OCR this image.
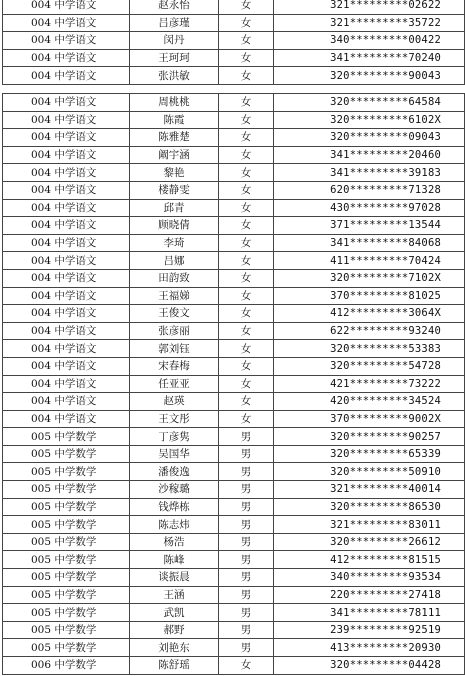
004 中学语文	赵永怡	女	321*********02622
004 中学语文	吕彦瑾	女	321*********35722
004 中学语文	闵丹	女	340*********00422
004 中学语文	王珂珂	女	341*********70240
004 中学语文	张洪敏	女	320*********90043
004 中学语文	周桃桃	女	320*********64584
004 中学语文	陈霞	女	320*********6102X
004 中学语文	陈雅楚	女	320*********09043
004 中学语文	阚宇涵	女	341*********20460
004 中学语文	黎艳	女	341*********39183
004 中学语文	楼静雯	女	620*********71328
004 中学语文	邱青	女	430*********97028
004 中学语文	顾晓倩	女	371*********13544
004 中学语文	李琦	女	341*********84068
004 中学语文	吕娜	女	411*********70424
004 中学语文	田韵致	女	320*********7102X
004 中学语文	王福娣	女	370*********81025
004 中学语文	王俊文	女	412*********3064X
004 中学语文	张彦丽	女	622*********93240
004 中学语文	郭刘钰	女	320*********53383
004 中学语文	宋春梅	女	320*********54728
004 中学语文	任亚亚	女	421*********73222
004 中学语文	赵瑛	女	420*********34524
004 中学语文	王文彤	女	370*********9002X
005 中学数学	丁彦隽	男	320*********90257
005 中学数学	吴国华	男	320*********65339
005 中学数学	潘俊逸	男	320*********50910
005 中学数学	沙稼璐	男	321*********40014
005 中学数学	钱烨栋	男	320*********86530
005 中学数学	陈志炜	男	321*********83011
005 中学数学	杨浩	男	320*********26612
005 中学数学	陈峰	男	412*********81515
005 中学数学	谈振晨	男	340*********93534
005 中学数学	王涵	男	220*********27418
005 中学数学	武凯	男	341*********78111
005 中学数学	郝野	男	239*********92519
005 中学数学	刘艳东	男	413*********20930
006 中学数学	陈舒瑶	女	320*********04428
